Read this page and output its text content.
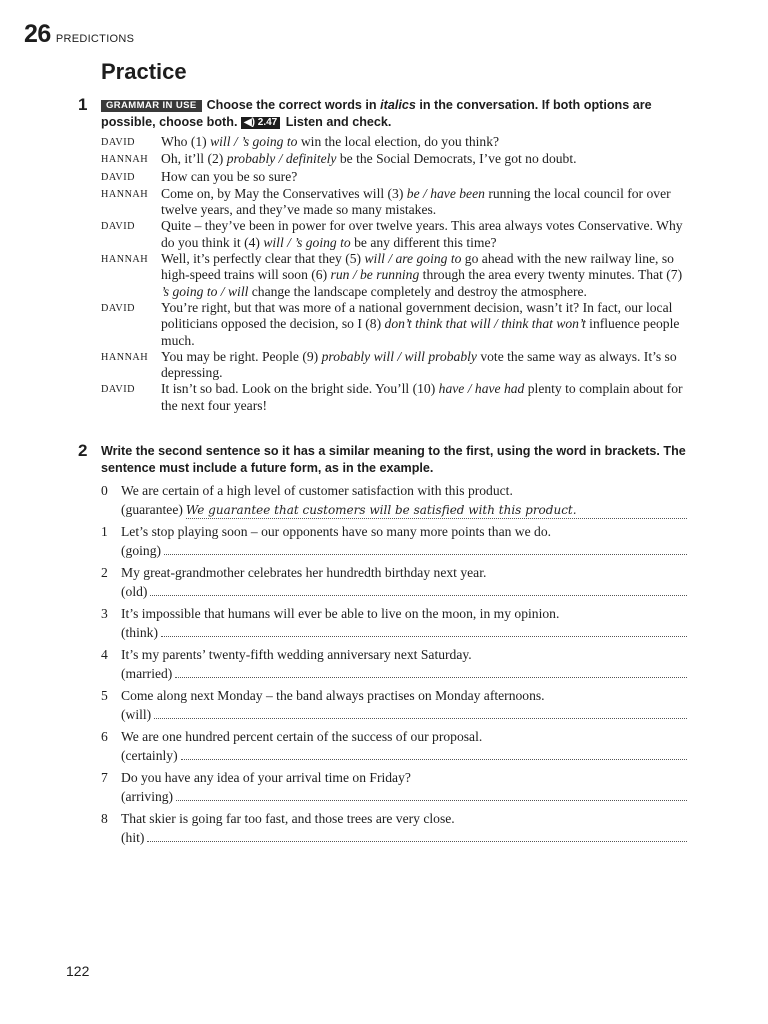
26 PREDICTIONS
Practice
1	GRAMMAR IN USE Choose the correct words in italics in the conversation. If both options are possible, choose both. ◀) 2.47 Listen and check.
DAVID	Who (1) will / ’s going to win the local election, do you think?
HANNAH Oh, it’ll (2) probably / definitely be the Social Democrats, I’ve got no doubt.
DAVID	How can you be so sure?
HANNAH Come on, by May the Conservatives will (3) be / have been running the local council for over twelve years, and they’ve made so many mistakes.
DAVID	Quite – they’ve been in power for over twelve years. This area always votes Conservative. Why do you think it (4) will / ’s going to be any different this time?
HANNAH Well, it’s perfectly clear that they (5) will / are going to go ahead with the new railway line, so high-speed trains will soon (6) run / be running through the area every twenty minutes. That (7) ’s going to / will change the landscape completely and destroy the atmosphere.
DAVID	You’re right, but that was more of a national government decision, wasn’t it? In fact, our local politicians opposed the decision, so I (8) don’t think that will / think that won’t influence people much.
HANNAH You may be right. People (9) probably will / will probably vote the same way as always. It’s so depressing.
DAVID	It isn’t so bad. Look on the bright side. You’ll (10) have / have had plenty to complain about for the next four years!
2 Write the second sentence so it has a similar meaning to the first, using the word in brackets. The sentence must include a future form, as in the example.
0 We are certain of a high level of customer satisfaction with this product.
(guarantee) We guarantee that customers will be satisfied with this product.
1 Let’s stop playing soon – our opponents have so many more points than we do.
(going)
2 My great-grandmother celebrates her hundredth birthday next year.
(old)
3 It’s impossible that humans will ever be able to live on the moon, in my opinion.
(think)
4 It’s my parents’ twenty-fifth wedding anniversary next Saturday.
(married)
5 Come along next Monday – the band always practises on Monday afternoons.
(will)
6 We are one hundred percent certain of the success of our proposal.
(certainly)
7 Do you have any idea of your arrival time on Friday?
(arriving)
8 That skier is going far too fast, and those trees are very close.
(hit)
122
